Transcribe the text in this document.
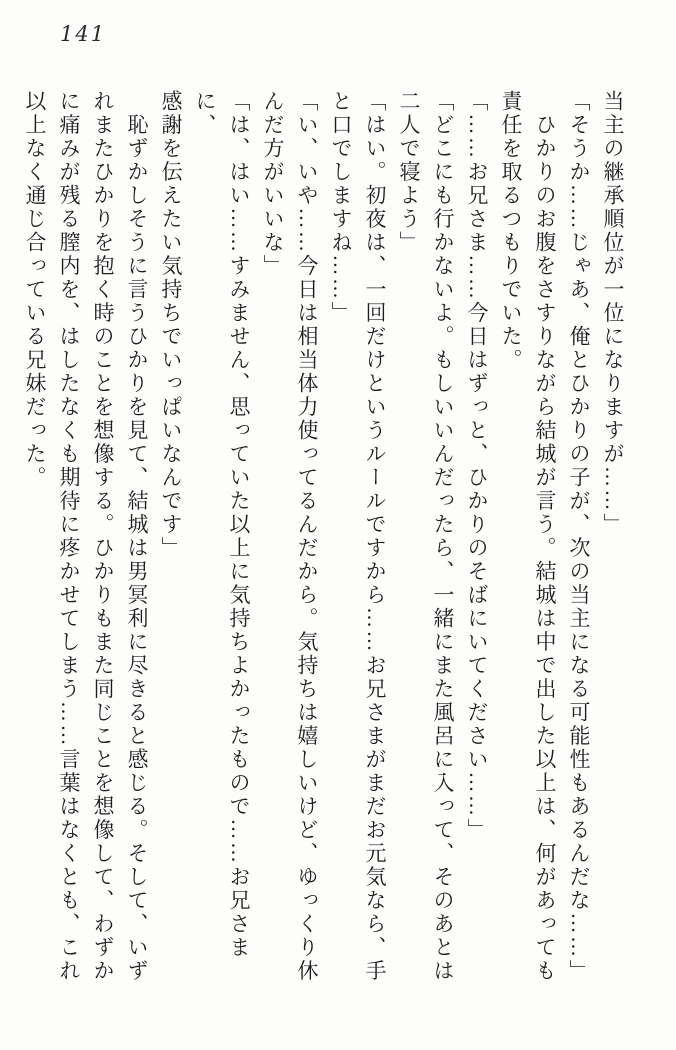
141

当主の継承順位が一位になりますが……」

「そうか……じゃあ、俺とひかりの子が、次の当主になる可能性もあるんだな……」

　ひかりのお腹をさすりながら結城が言う。結城は中で出した以上は、何があっても

責任を取るつもりでいた。

「……お兄さま……今日はずっと、ひかりのそばにいてください……」

「どこにも行かないよ。もしいいんだったら、一緒にまた風呂に入って、そのあとは

二人で寝よう」

「はい。初夜は、一回だけというルールですから……お兄さまがまだお元気なら、手

と口でしますね……」

「い、いや……今日は相当体力使ってるんだから。気持ちは嬉しいけど、ゆっくり休

んだ方がいいな」

「は、はい……すみません、思っていた以上に気持ちよかったもので……お兄さまに、

感謝を伝えたい気持ちでいっぱいなんです」

　恥ずかしそうに言うひかりを見て、結城は男冥利に尽きると感じる。そして、いず

れまたひかりを抱く時のことを想像する。ひかりもまた同じことを想像して、わずか

に痛みが残る膣内を、はしたなくも期待に疼かせてしまう……言葉はなくとも、これ

以上なく通じ合っている兄妹だった。
